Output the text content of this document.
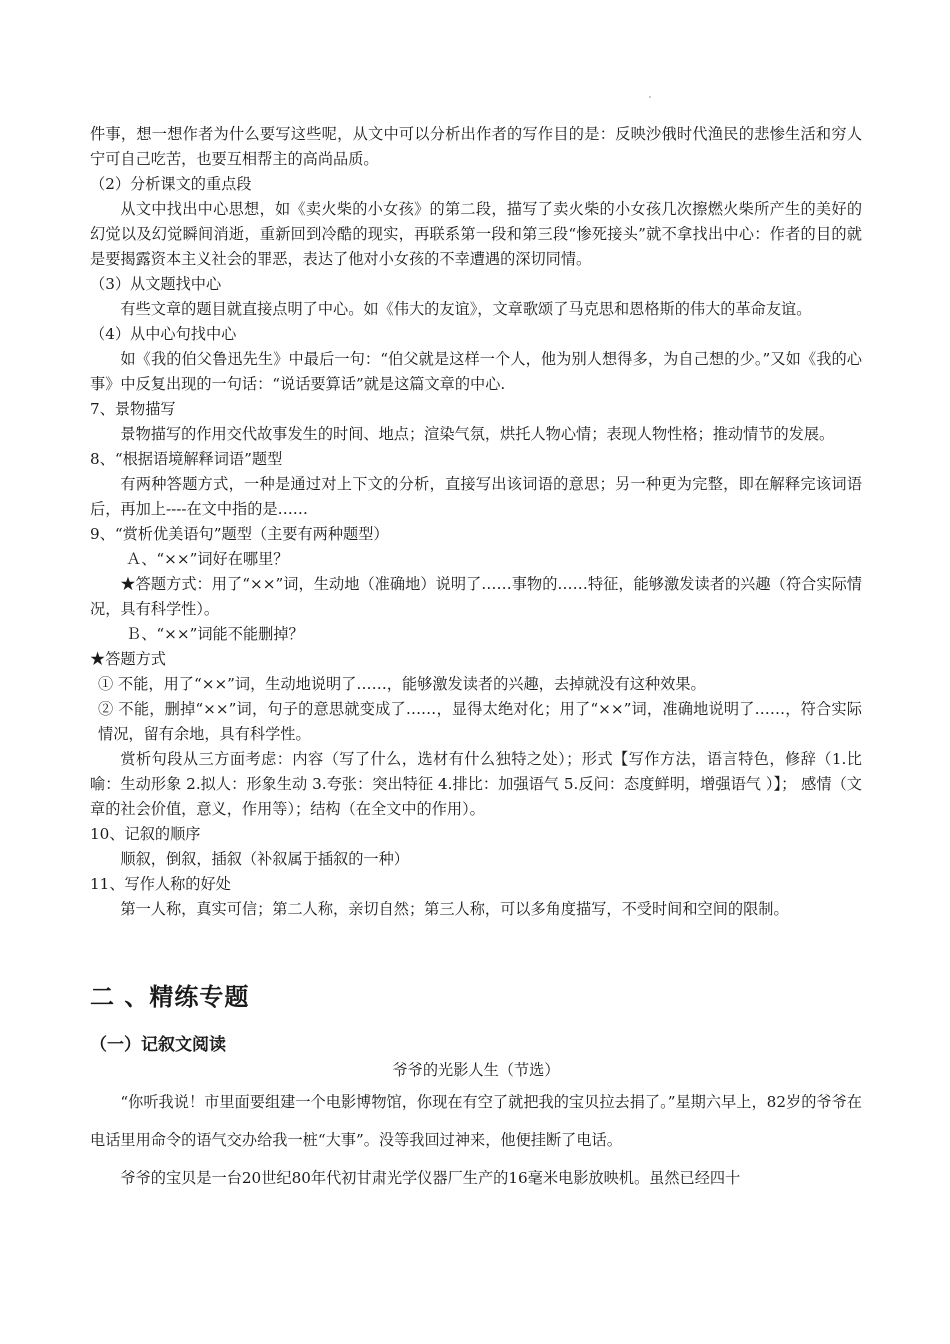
件事，想一想作者为什么要写这些呢，从文中可以分析出作者的写作目的是：反映沙俄时代渔民的悲惨生活和穷人宁可自己吃苦，也要互相帮主的高尚品质。

（2）分析课文的重点段

从文中找出中心思想，如《卖火柴的小女孩》的第二段，描写了卖火柴的小女孩几次擦燃火柴所产生的美好的幻觉以及幻觉瞬间消逝，重新回到冷酷的现实，再联系第一段和第三段“惨死接头”就不拿找出中心：作者的目的就是要揭露资本主义社会的罪恶，表达了他对小女孩的不幸遭遇的深切同情。

（3）从文题找中心

有些文章的题目就直接点明了中心。如《伟大的友谊》，文章歌颂了马克思和恩格斯的伟大的革命友谊。

（4）从中心句找中心

如《我的伯父鲁迅先生》中最后一句：“伯父就是这样一个人，他为别人想得多，为自己想的少。”又如《我的心事》中反复出现的一句话：“说话要算话”就是这篇文章的中心.

7、景物描写

景物描写的作用交代故事发生的时间、地点；渲染气氛，烘托人物心情；表现人物性格；推动情节的发展。

8、“根据语境解释词语”题型

有两种答题方式，一种是通过对上下文的分析，直接写出该词语的意思；另一种更为完整，即在解释完该词语后，再加上----在文中指的是……

9、“赏析优美语句”题型（主要有两种题型）

Ａ、“××”词好在哪里？

★答题方式：用了“××”词，生动地（准确地）说明了……事物的……特征，能够激发读者的兴趣（符合实际情况，具有科学性）。

Ｂ、“××”词能不能删掉？

★答题方式

① 不能，用了“××”词，生动地说明了……，能够激发读者的兴趣，去掉就没有这种效果。

② 不能，删掉“××”词，句子的意思就变成了……，显得太绝对化；用了“××”词，准确地说明了……，符合实际情况，留有余地，具有科学性。

赏析句段从三方面考虑：内容（写了什么，选材有什么独特之处）；形式【写作方法，语言特色，修辞（1.比喻：生动形象 2.拟人：形象生动 3.夸张：突出特征 4.排比：加强语气 5.反问：态度鲜明，增强语气 ）】； 感情（文章的社会价值，意义，作用等）；结构（在全文中的作用）。

10、记叙的顺序

顺叙，倒叙，插叙（补叙属于插叙的一种）

11、写作人称的好处

第一人称，真实可信；第二人称，亲切自然；第三人称，可以多角度描写，不受时间和空间的限制。

二 、精练专题
（一）记叙文阅读

爷爷的光影人生（节选）

“你听我说！市里面要组建一个电影博物馆，你现在有空了就把我的宝贝拉去捐了。”星期六早上，82岁的爷爷在电话里用命令的语气交办给我一桩“大事”。没等我回过神来，他便挂断了电话。

爷爷的宝贝是一台20世纪80年代初甘肃光学仪器厂生产的16毫米电影放映机。虽然已经四十
